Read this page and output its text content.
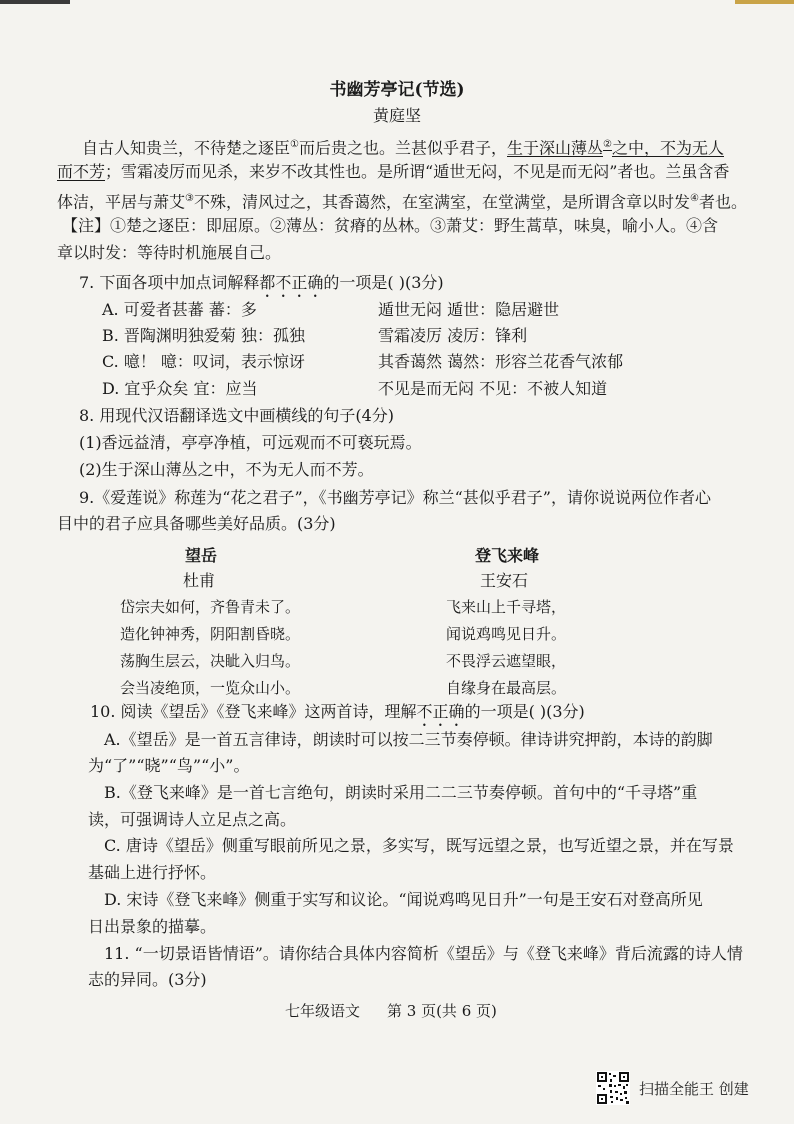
书幽芳亭记(节选)
黄庭坚
自古人知贵兰，不待楚之逐臣①而后贵之也。兰甚似乎君子，生于深山薄丛②之中，不为无人
而不芳；雪霜凌厉而见杀，来岁不改其性也。是所谓“遁世无闷，不见是而无闷”者也。兰虽含香
体洁，平居与萧艾③不殊，清风过之，其香蔼然，在室满室，在堂满堂，是所谓含章以时发④者也。
【注】①楚之逐臣：即屈原。②薄丛：贫瘠的丛林。③萧艾：野生蒿草，味臭，喻小人。④含
章以时发：等待时机施展自己。
7. 下面各项中加点词解释都不正确的一项是( )(3分)
A. 可爱者甚蕃 蕃：多	遁世无闷 遁世：隐居避世
B. 晋陶渊明独爱菊 独：孤独	雪霜凌厉 凌厉：锋利
C. 噫！ 噫：叹词，表示惊讶	其香蔼然 蔼然：形容兰花香气浓郁
D. 宜乎众矣 宜：应当	不见是而无闷 不见：不被人知道
8. 用现代汉语翻译选文中画横线的句子(4分)
(1)香远益清，亭亭净植，可远观而不可亵玩焉。
(2)生于深山薄丛之中，不为无人而不芳。
9.《爱莲说》称莲为“花之君子”，《书幽芳亭记》称兰“甚似乎君子”，请你说说两位作者心
目中的君子应具备哪些美好品质。(3分)
望岳
杜甫
岱宗夫如何，齐鲁青未了。
造化钟神秀，阴阳割昏晓。
荡胸生层云，决眦入归鸟。
会当凌绝顶，一览众山小。
登飞来峰
王安石
飞来山上千寻塔，
闻说鸡鸣见日升。
不畏浮云遮望眼，
自缘身在最高层。
10. 阅读《望岳》《登飞来峰》这两首诗，理解不正确的一项是( )(3分)
A.《望岳》是一首五言律诗，朗读时可以按二三节奏停顿。律诗讲究押韵，本诗的韵脚
为“了”“晓”“鸟”“小”。
B.《登飞来峰》是一首七言绝句，朗读时采用二二三节奏停顿。首句中的“千寻塔”重
读，可强调诗人立足点之高。
C. 唐诗《望岳》侧重写眼前所见之景，多实写，既写远望之景，也写近望之景，并在写景
基础上进行抒怀。
D. 宋诗《登飞来峰》侧重于实写和议论。“闻说鸡鸣见日升”一句是王安石对登高所见
日出景象的描摹。
11. “一切景语皆情语”。请你结合具体内容简析《望岳》与《登飞来峰》背后流露的诗人情
志的异同。(3分)
七年级语文 第 3 页(共 6 页)
扫描全能王 创建
